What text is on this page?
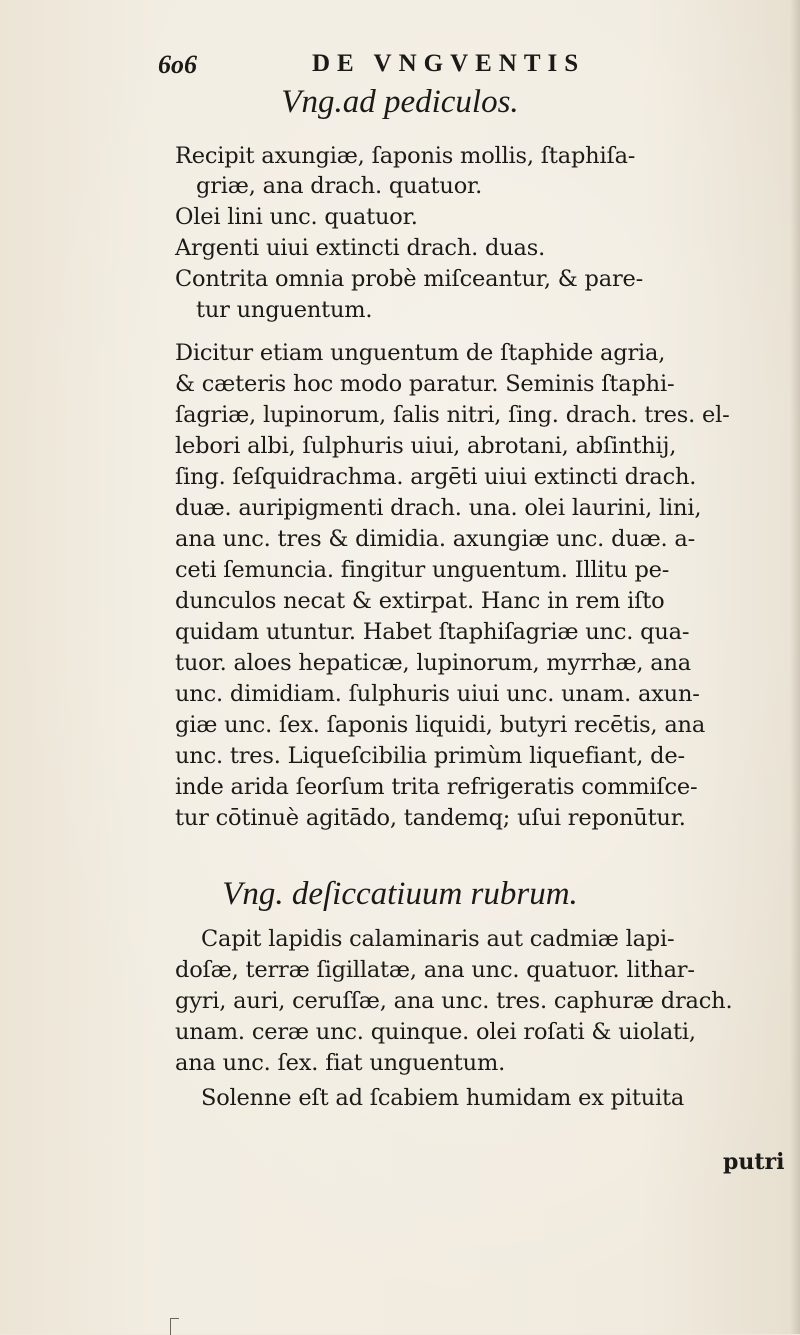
6o6	DE VNGVENTIS
Vng.ad pediculos.
Recipit axungiæ, ſaponis mollis, ſtaphiſa-
griæ, ana drach. quatuor.
Olei lini unc. quatuor.
Argenti uiui extincti drach. duas.
Contrita omnia probè miſceantur, & pare-
tur unguentum.
Dicitur etiam unguentum de ſtaphide agria,
& cæteris hoc modo paratur. Seminis ſtaphi-
ſagriæ, lupinorum, ſalis nitri, ſing. drach. tres. el-
lebori albi, ſulphuris uiui, abrotani, abſinthij,
ſing. ſeſquidrachma. argēti uiui extincti drach.
duæ. auripigmenti drach. una. olei laurini, lini,
ana unc. tres & dimidia. axungiæ unc. duæ. a-
ceti ſemuncia. fingitur unguentum. Illitu pe-
dunculos necat & extirpat. Hanc in rem iſto
quidam utuntur. Habet ſtaphiſagriæ unc. qua-
tuor. aloes hepaticæ, lupinorum, myrrhæ, ana
unc. dimidiam. ſulphuris uiui unc. unam. axun-
giæ unc. ſex. ſaponis liquidi, butyri recētis, ana
unc. tres. Liqueſcibilia primùm liquefiant, de-
inde arida ſeorſum trita refrigeratis commiſce-
tur cōtinuè agitādo, tandemq; uſui reponūtur.
Vng. deſiccatiuum rubrum.
Capit lapidis calaminaris aut cadmiæ lapi-
doſæ, terræ ſigillatæ, ana unc. quatuor. lithar-
gyri, auri, ceruſſæ, ana unc. tres. caphuræ drach.
unam. ceræ unc. quinque. olei roſati & uiolati,
ana unc. ſex. fiat unguentum.
Solenne eſt ad ſcabiem humidam ex pituita
putri
